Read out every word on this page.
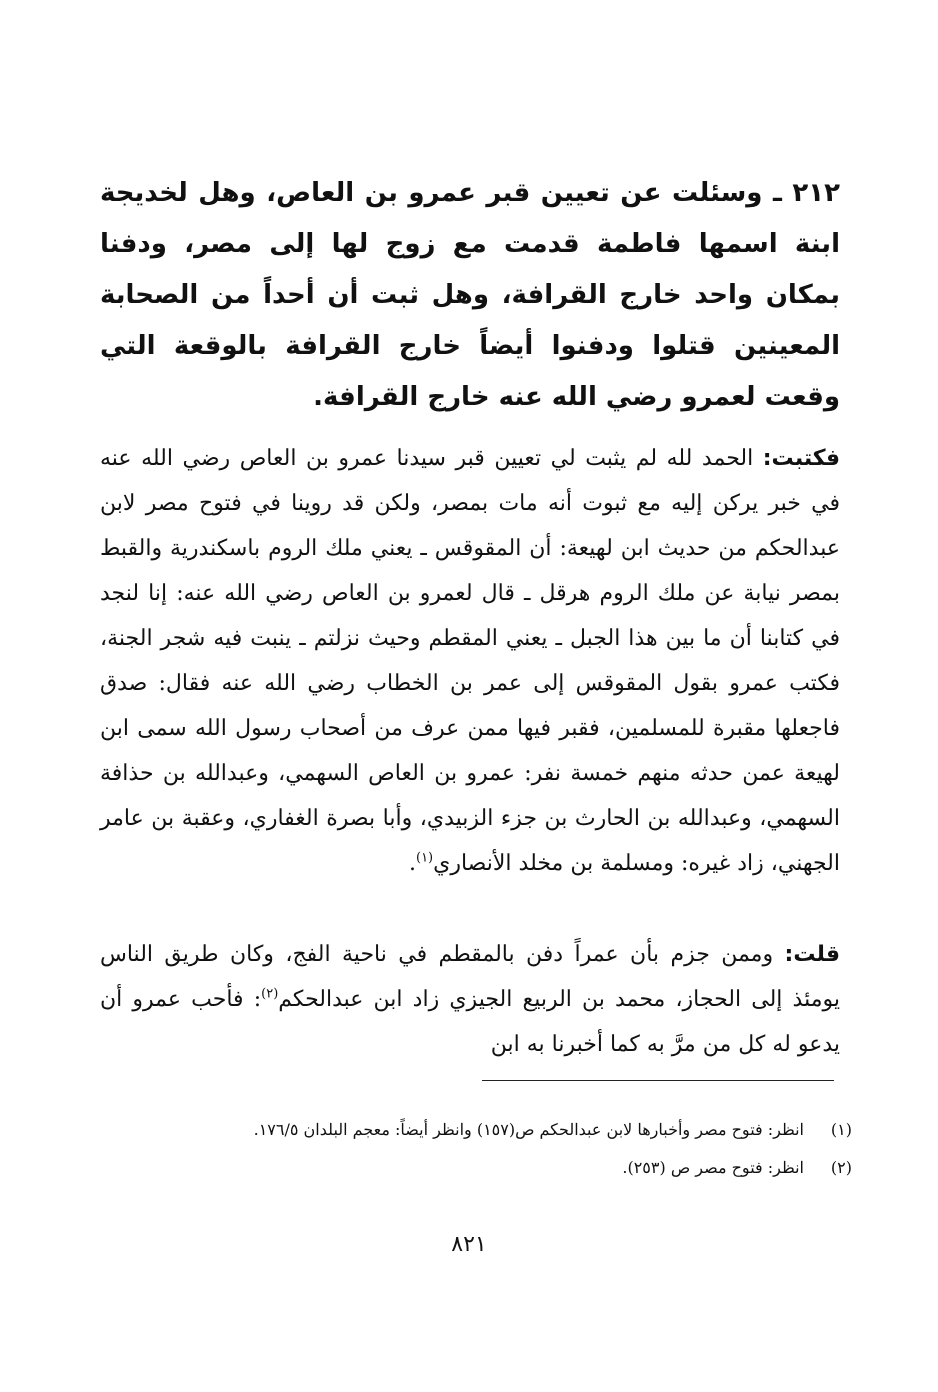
٢١٢ ـ وسئلت عن تعيين قبر عمرو بن العاص، وهل لخديجة ابنة اسمها فاطمة قدمت مع زوج لها إلى مصر، ودفنا بمكان واحد خارج القرافة، وهل ثبت أن أحداً من الصحابة المعينين قتلوا ودفنوا أيضاً خارج القرافة بالوقعة التي وقعت لعمرو رضي الله عنه خارج القرافة.

فكتبت: الحمد لله لم يثبت لي تعيين قبر سيدنا عمرو بن العاص رضي الله عنه في خبر يركن إليه مع ثبوت أنه مات بمصر، ولكن قد روينا في فتوح مصر لابن عبدالحكم من حديث ابن لهيعة: أن المقوقس ـ يعني ملك الروم باسكندرية والقبط بمصر نيابة عن ملك الروم هرقل ـ قال لعمرو بن العاص رضي الله عنه: إنا لنجد في كتابنا أن ما بين هذا الجبل ـ يعني المقطم وحيث نزلتم ـ ينبت فيه شجر الجنة، فكتب عمرو بقول المقوقس إلى عمر بن الخطاب رضي الله عنه فقال: صدق فاجعلها مقبرة للمسلمين، فقبر فيها ممن عرف من أصحاب رسول الله سمى ابن لهيعة عمن حدثه منهم خمسة نفر: عمرو بن العاص السهمي، وعبدالله بن حذافة السهمي، وعبدالله بن الحارث بن جزء الزبيدي، وأبا بصرة الغفاري، وعقبة بن عامر الجهني، زاد غيره: ومسلمة بن مخلد الأنصاري$^{(١)}$.

قلت: وممن جزم بأن عمراً دفن بالمقطم في ناحية الفج، وكان طريق الناس يومئذ إلى الحجاز، محمد بن الربيع الجيزي زاد ابن عبدالحكم$^{(٢)}$: فأحب عمرو أن يدعو له كل من مرَّ به كما أخبرنا به ابن

(١)
انظر: فتوح مصر وأخبارها لابن عبدالحكم ص(١٥٧) وانظر أيضاً: معجم البلدان ١٧٦/٥.
(٢)
انظر: فتوح مصر ص (٢٥٣).
٨٢١
